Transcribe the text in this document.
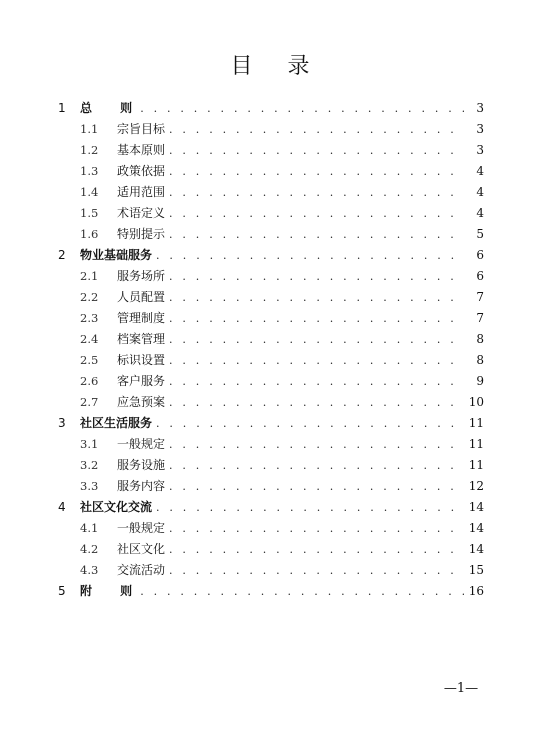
目 录
1	总 则 . . .	3
1.1	宗旨目标 . . .	3
1.2	基本原则 . . .	3
1.3	政策依据 . . .	4
1.4	适用范围 . . .	4
1.5	术语定义 . . .	4
1.6	特别提示 . . .	5
2	物业基础服务 . . .	6
2.1	服务场所 . . .	6
2.2	人员配置 . . .	7
2.3	管理制度 . . .	7
2.4	档案管理 . . .	8
2.5	标识设置 . . .	8
2.6	客户服务 . . .	9
2.7	应急预案 . . .	10
3	社区生活服务 . . .	11
3.1	一般规定 . . .	11
3.2	服务设施 . . .	11
3.3	服务内容 . . .	12
4	社区文化交流 . . .	14
4.1	一般规定 . . .	14
4.2	社区文化 . . .	14
4.3	交流活动 . . .	15
5	附 则 . . .	16
—1—
